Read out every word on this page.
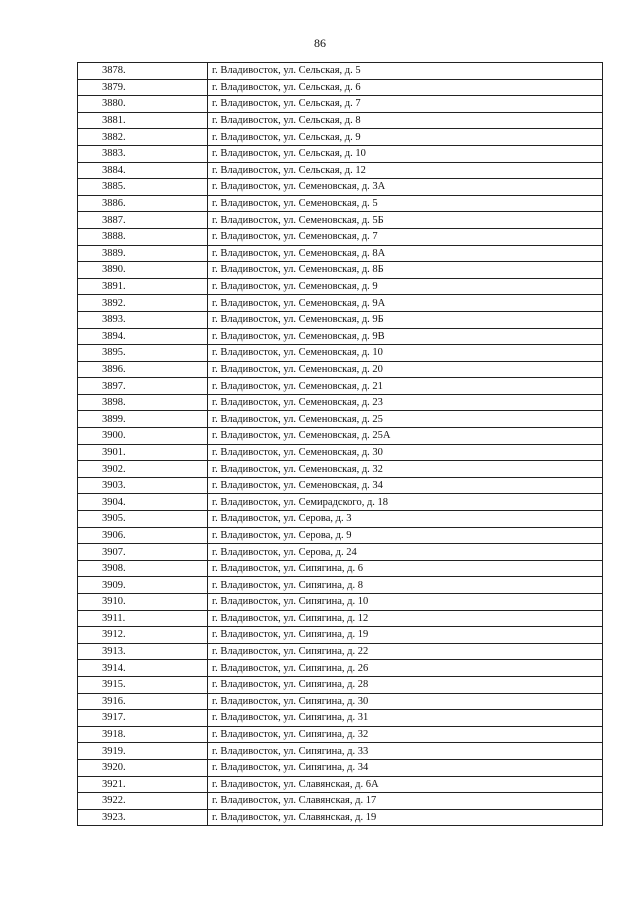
86
3878.	г. Владивосток, ул. Сельская, д. 5
3879.	г. Владивосток, ул. Сельская, д. 6
3880.	г. Владивосток, ул. Сельская, д. 7
3881.	г. Владивосток, ул. Сельская, д. 8
3882.	г. Владивосток, ул. Сельская, д. 9
3883.	г. Владивосток, ул. Сельская, д. 10
3884.	г. Владивосток, ул. Сельская, д. 12
3885.	г. Владивосток, ул. Семеновская, д. 3А
3886.	г. Владивосток, ул. Семеновская, д. 5
3887.	г. Владивосток, ул. Семеновская, д. 5Б
3888.	г. Владивосток, ул. Семеновская, д. 7
3889.	г. Владивосток, ул. Семеновская, д. 8А
3890.	г. Владивосток, ул. Семеновская, д. 8Б
3891.	г. Владивосток, ул. Семеновская, д. 9
3892.	г. Владивосток, ул. Семеновская, д. 9А
3893.	г. Владивосток, ул. Семеновская, д. 9Б
3894.	г. Владивосток, ул. Семеновская, д. 9В
3895.	г. Владивосток, ул. Семеновская, д. 10
3896.	г. Владивосток, ул. Семеновская, д. 20
3897.	г. Владивосток, ул. Семеновская, д. 21
3898.	г. Владивосток, ул. Семеновская, д. 23
3899.	г. Владивосток, ул. Семеновская, д. 25
3900.	г. Владивосток, ул. Семеновская, д. 25А
3901.	г. Владивосток, ул. Семеновская, д. 30
3902.	г. Владивосток, ул. Семеновская, д. 32
3903.	г. Владивосток, ул. Семеновская, д. 34
3904.	г. Владивосток, ул. Семирадского, д. 18
3905.	г. Владивосток, ул. Серова, д. 3
3906.	г. Владивосток, ул. Серова, д. 9
3907.	г. Владивосток, ул. Серова, д. 24
3908.	г. Владивосток, ул. Сипягина, д. 6
3909.	г. Владивосток, ул. Сипягина, д. 8
3910.	г. Владивосток, ул. Сипягина, д. 10
3911.	г. Владивосток, ул. Сипягина, д. 12
3912.	г. Владивосток, ул. Сипягина, д. 19
3913.	г. Владивосток, ул. Сипягина, д. 22
3914.	г. Владивосток, ул. Сипягина, д. 26
3915.	г. Владивосток, ул. Сипягина, д. 28
3916.	г. Владивосток, ул. Сипягина, д. 30
3917.	г. Владивосток, ул. Сипягина, д. 31
3918.	г. Владивосток, ул. Сипягина, д. 32
3919.	г. Владивосток, ул. Сипягина, д. 33
3920.	г. Владивосток, ул. Сипягина, д. 34
3921.	г. Владивосток, ул. Славянская, д. 6А
3922.	г. Владивосток, ул. Славянская, д. 17
3923.	г. Владивосток, ул. Славянская, д. 19
